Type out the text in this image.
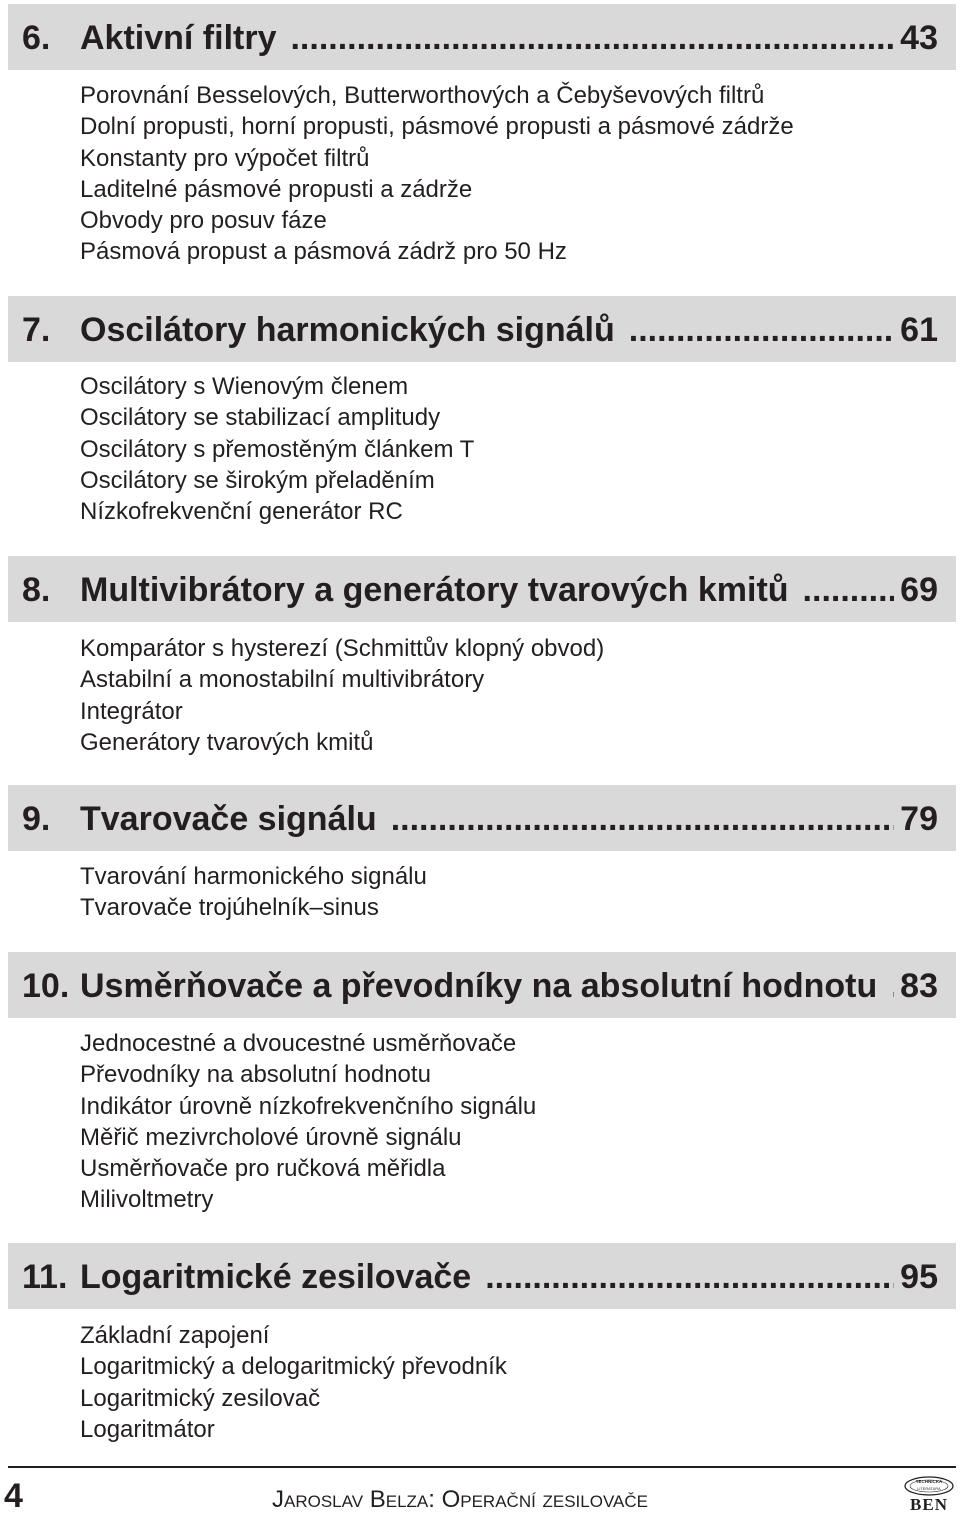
6. Aktivní filtry .....	43
Porovnání Besselových, Butterworthových a Čebyševových filtrů
Dolní propusti, horní propusti, pásmové propusti a pásmové zádrže
Konstanty pro výpočet filtrů
Laditelné pásmové propusti a zádrže
Obvody pro posuv fáze
Pásmová propust a pásmová zádrž pro 50 Hz
7. Oscilátory harmonických signálů .....	61
Oscilátory s Wienovým členem
Oscilátory se stabilizací amplitudy
Oscilátory s přemostěným článkem T
Oscilátory se širokým přeladěním
Nízkofrekvenční generátor RC
8. Multivibrátory a generátory tvarových kmitů .....	69
Komparátor s hysterezí (Schmittův klopný obvod)
Astabilní a monostabilní multivibrátory
Integrátor
Generátory tvarových kmitů
9. Tvarovače signálu .....	79
Tvarování harmonického signálu
Tvarovače trojúhelník–sinus
10. Usměrňovače a převodníky na absolutní hodnotu ..... 83
Jednocestné a dvoucestné usměrňovače
Převodníky na absolutní hodnotu
Indikátor úrovně nízkofrekvenčního signálu
Měřič mezivrcholové úrovně signálu
Usměrňovače pro ručková měřidla
Milivoltmetry
11. Logaritmické zesilovače .....	95
Základní zapojení
Logaritmický a delogaritmický převodník
Logaritmický zesilovač
Logaritmátor
4	Jaroslav Belza: Operační zesilovače
TECHNICKÁ
LITERATURA
BEN
